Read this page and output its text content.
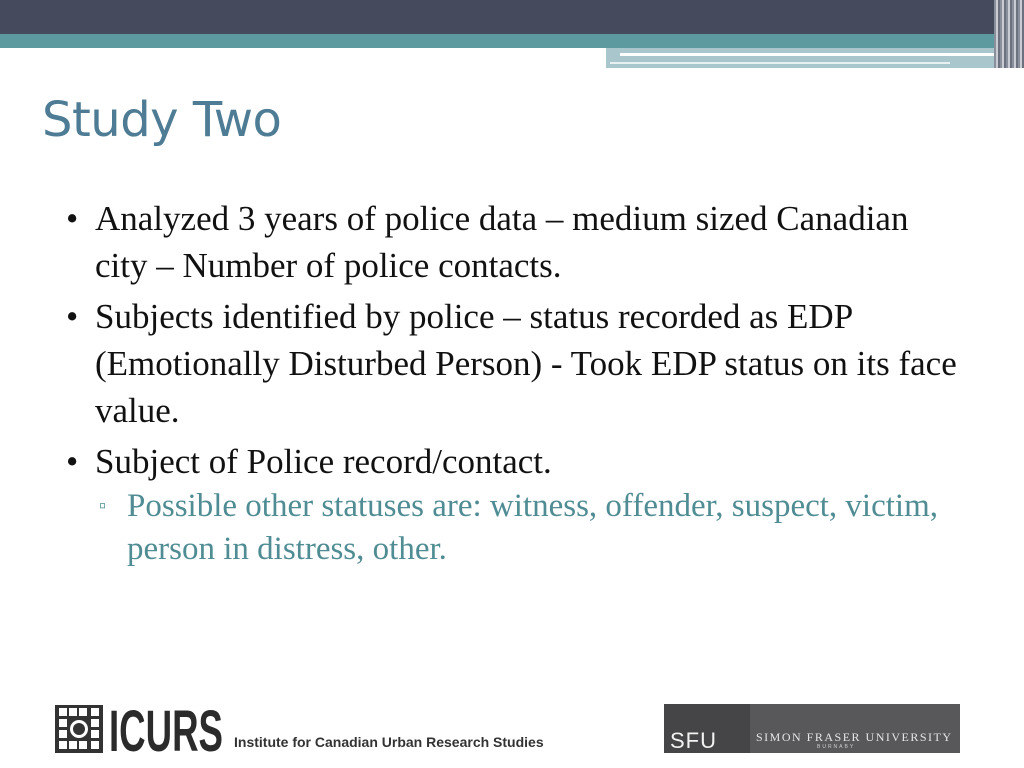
Study Two
• Analyzed 3 years of police data – medium sized Canadian city – Number of police contacts.
• Subjects identified by police – status recorded as EDP (Emotionally Disturbed Person) - Took EDP status on its face value.
• Subject of Police record/contact.
▫ Possible other statuses are: witness, offender, suspect, victim, person in distress, other.
ICURS Institute for Canadian Urban Research Studies	SFU	SIMON FRASER UNIVERSITY
BURNABY
